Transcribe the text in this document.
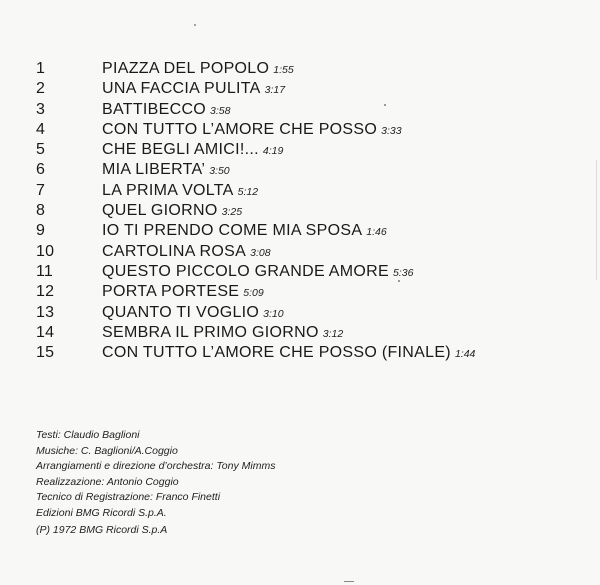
1	PIAZZA DEL POPOLO 1:55
2	UNA FACCIA PULITA 3:17
3	BATTIBECCO 3:58
4	CON TUTTO L’AMORE CHE POSSO 3:33
5	CHE BEGLI AMICI!... 4:19
6	MIA LIBERTA’ 3:50
7	LA PRIMA VOLTA 5:12
8	QUEL GIORNO 3:25
9	IO TI PRENDO COME MIA SPOSA 1:46
10	CARTOLINA ROSA 3:08
11	QUESTO PICCOLO GRANDE AMORE 5:36
12	PORTA PORTESE 5:09
13	QUANTO TI VOGLIO 3:10
14	SEMBRA IL PRIMO GIORNO 3:12
15	CON TUTTO L’AMORE CHE POSSO (FINALE) 1:44
Testi: Claudio Baglioni
Musiche: C. Baglioni/A.Coggio
Arrangiamenti e direzione d’orchestra: Tony Mimms
Realizzazione: Antonio Coggio
Tecnico di Registrazione: Franco Finetti
Edizioni BMG Ricordi S.p.A.
(P) 1972 BMG Ricordi S.p.A
